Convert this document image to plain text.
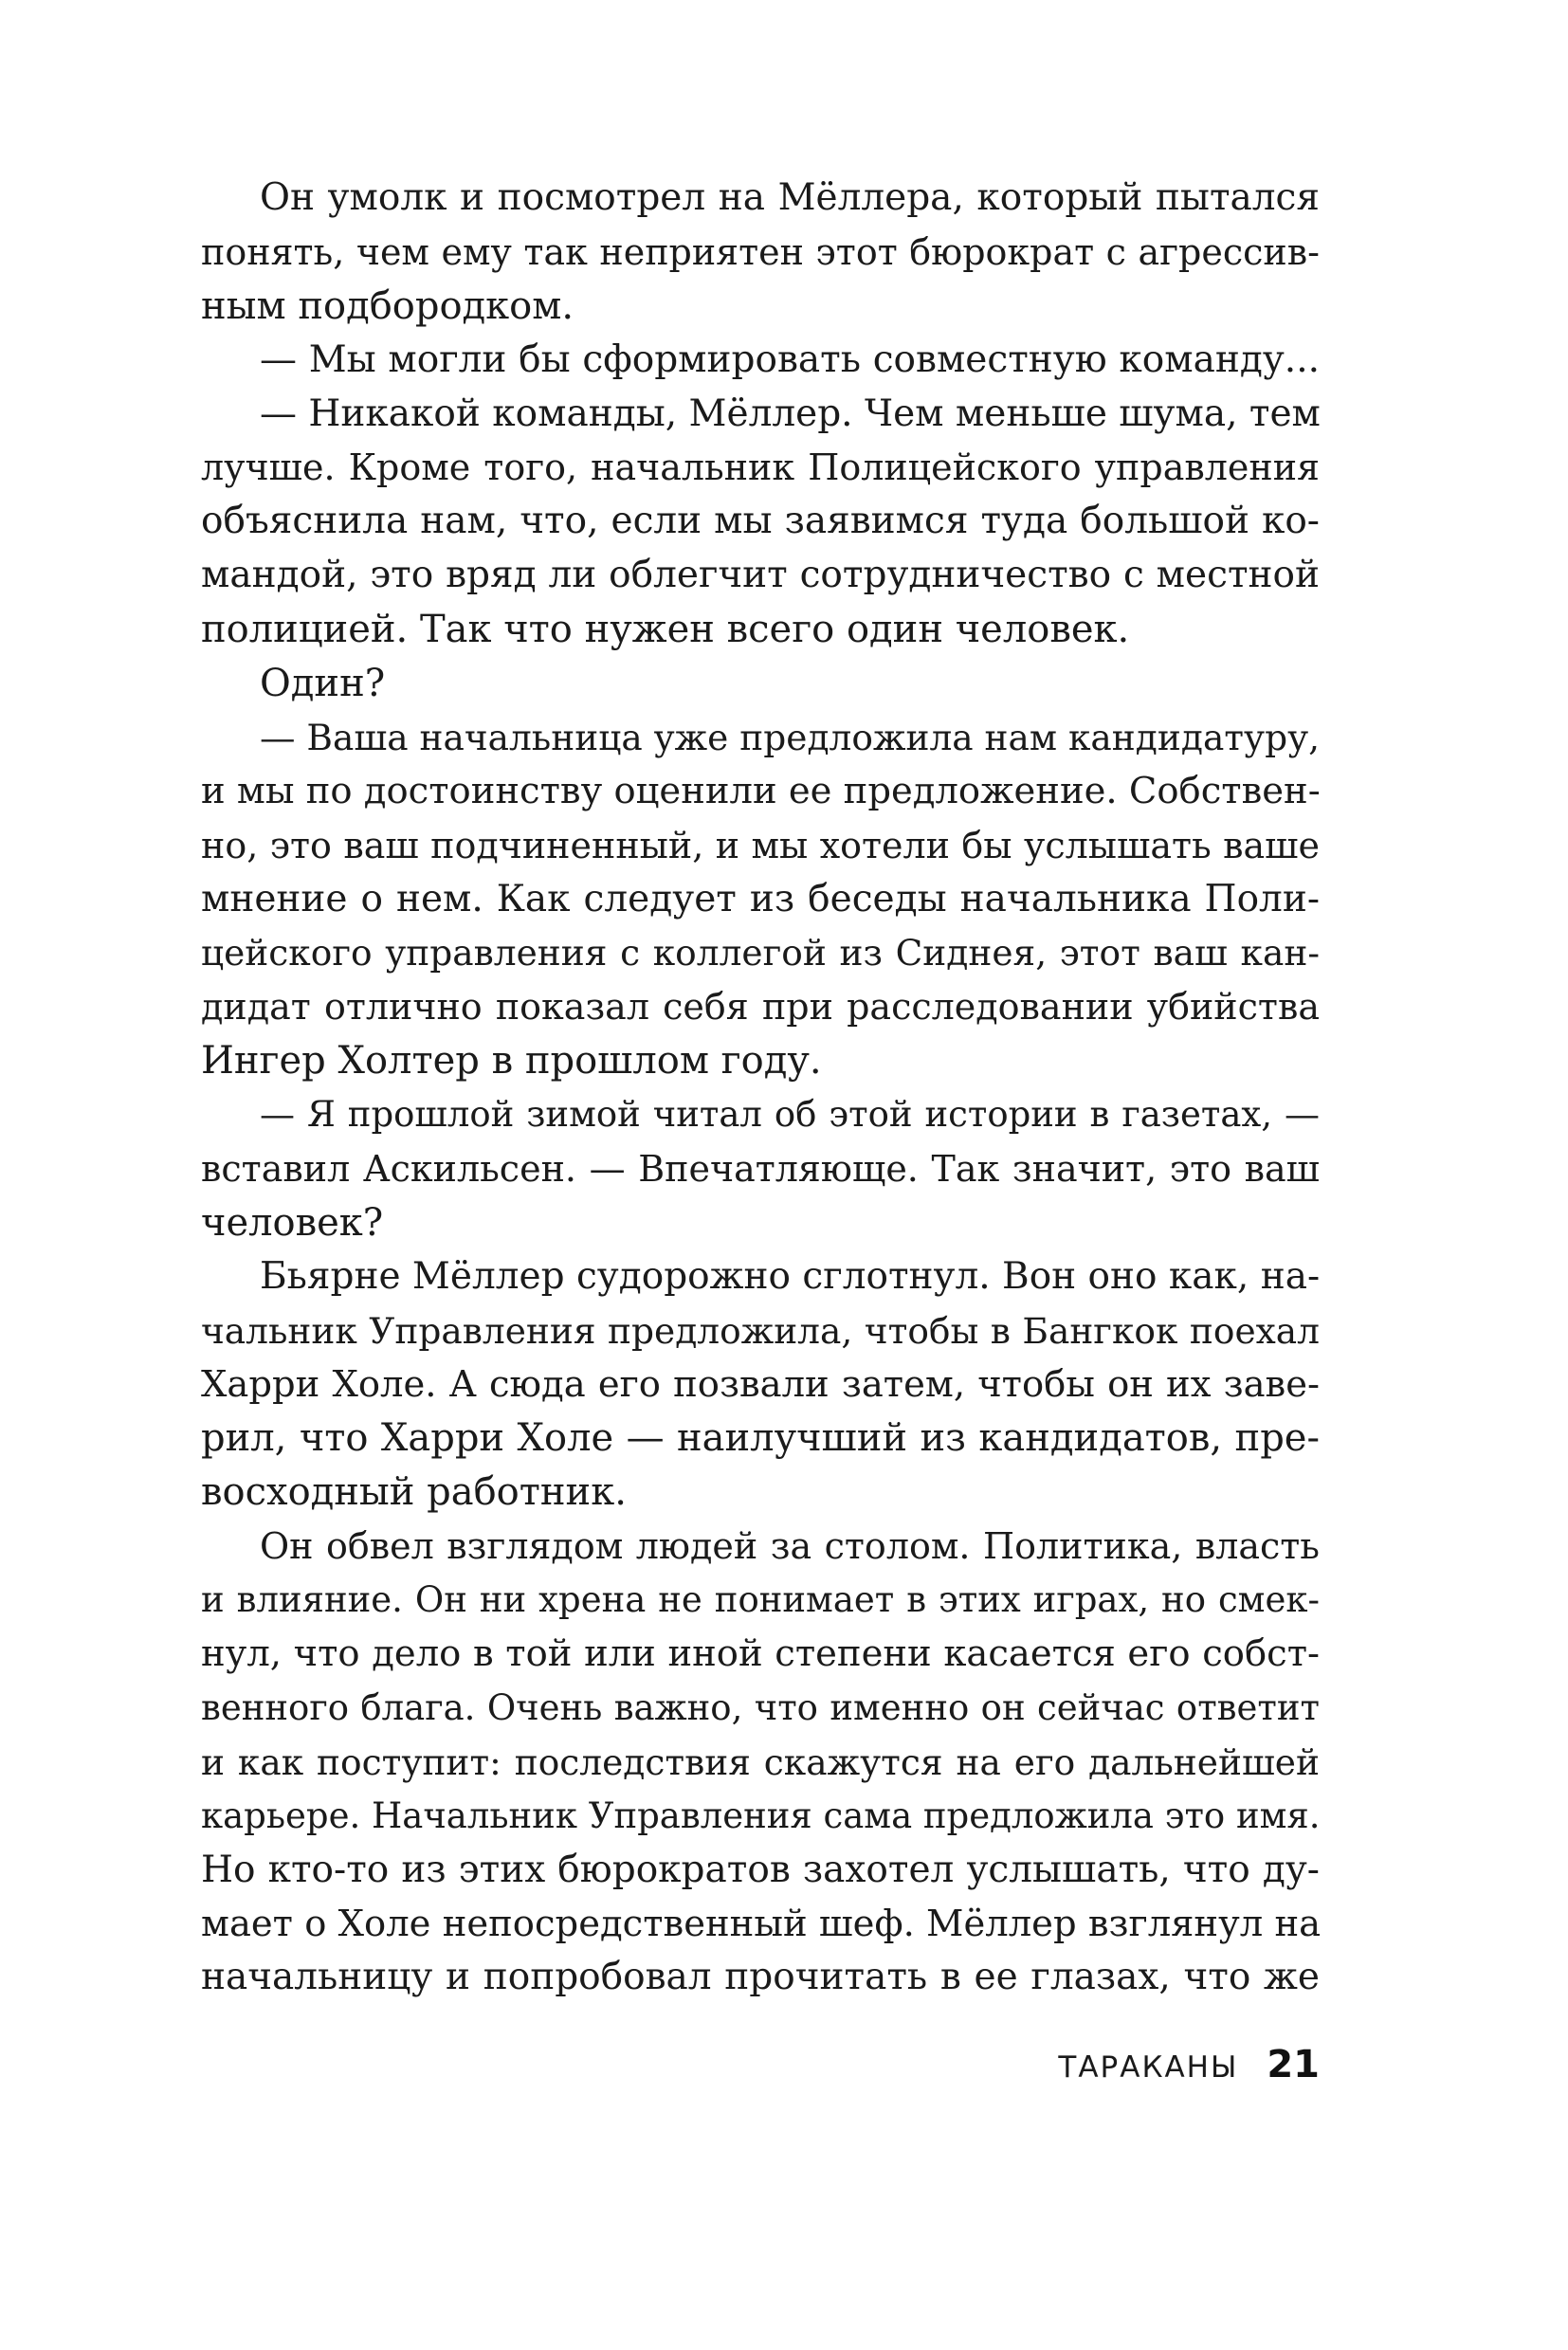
Он умолк и посмотрел на Мёллера, который пытался
понять, чем ему так неприятен этот бюрократ с агрессив-
ным подбородком.
— Мы могли бы сформировать совместную команду...
— Никакой команды, Мёллер. Чем меньше шума, тем
лучше. Кроме того, начальник Полицейского управления
объяснила нам, что, если мы заявимся туда большой ко-
мандой, это вряд ли облегчит сотрудничество с местной
полицией. Так что нужен всего один человек.
Один?
— Ваша начальница уже предложила нам кандидатуру,
и мы по достоинству оценили ее предложение. Собствен-
но, это ваш подчиненный, и мы хотели бы услышать ваше
мнение о нем. Как следует из беседы начальника Поли-
цейского управления с коллегой из Сиднея, этот ваш кан-
дидат отлично показал себя при расследовании убийства
Ингер Холтер в прошлом году.
— Я прошлой зимой читал об этой истории в газетах, —
вставил Аскильсен. — Впечатляюще. Так значит, это ваш
человек?
Бьярне Мёллер судорожно сглотнул. Вон оно как, на-
чальник Управления предложила, чтобы в Бангкок поехал
Харри Холе. А сюда его позвали затем, чтобы он их заве-
рил, что Харри Холе — наилучший из кандидатов, пре-
восходный работник.
Он обвел взглядом людей за столом. Политика, власть
и влияние. Он ни хрена не понимает в этих играх, но смек-
нул, что дело в той или иной степени касается его собст-
венного блага. Очень важно, что именно он сейчас ответит
и как поступит: последствия скажутся на его дальнейшей
карьере. Начальник Управления сама предложила это имя.
Но кто-то из этих бюрократов захотел услышать, что ду-
мает о Холе непосредственный шеф. Мёллер взглянул на
начальницу и попробовал прочитать в ее глазах, что же
ТАРАКАНЫ 21
